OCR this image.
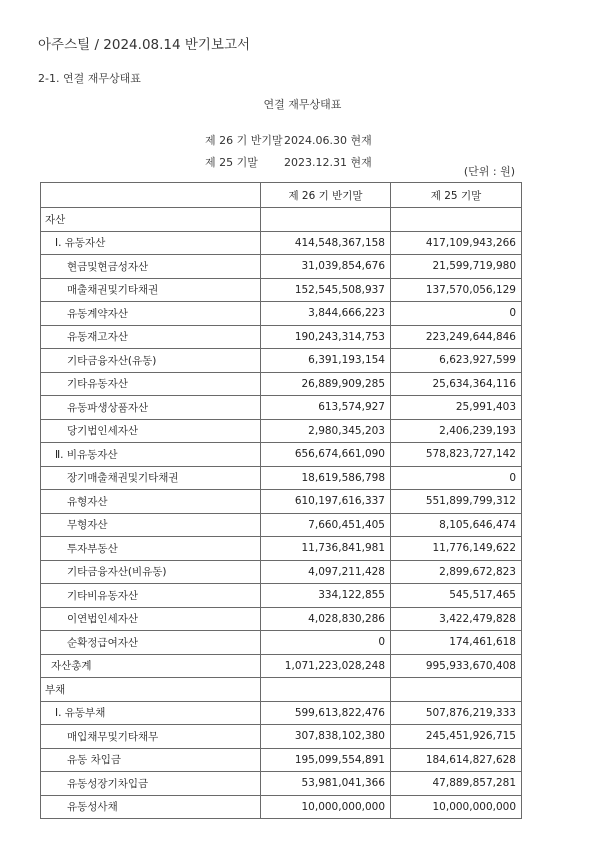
아주스틸 / 2024.08.14 반기보고서
2-1. 연결 재무상태표
연결 재무상태표

제 26 기 반기말2024.06.30 현재

제 25 기말 2023.12.31 현재

(단위 : 원)
	제 26 기 반기말	제 25 기말
자산		
Ⅰ. 유동자산	414,548,367,158	417,109,943,266
현금및현금성자산	31,039,854,676	21,599,719,980
매출채권및기타채권	152,545,508,937	137,570,056,129
유동계약자산	3,844,666,223	0
유동재고자산	190,243,314,753	223,249,644,846
기타금융자산(유동)	6,391,193,154	6,623,927,599
기타유동자산	26,889,909,285	25,634,364,116
유동파생상품자산	613,574,927	25,991,403
당기법인세자산	2,980,345,203	2,406,239,193
Ⅱ. 비유동자산	656,674,661,090	578,823,727,142
장기매출채권및기타채권	18,619,586,798	0
유형자산	610,197,616,337	551,899,799,312
무형자산	7,660,451,405	8,105,646,474
투자부동산	11,736,841,981	11,776,149,622
기타금융자산(비유동)	4,097,211,428	2,899,672,823
기타비유동자산	334,122,855	545,517,465
이연법인세자산	4,028,830,286	3,422,479,828
순확정급여자산	0	174,461,618
자산총계	1,071,223,028,248	995,933,670,408
부채		
Ⅰ. 유동부채	599,613,822,476	507,876,219,333
매입채무및기타채무	307,838,102,380	245,451,926,715
유동 차입금	195,099,554,891	184,614,827,628
유동성장기차입금	53,981,041,366	47,889,857,281
유동성사채	10,000,000,000	10,000,000,000
